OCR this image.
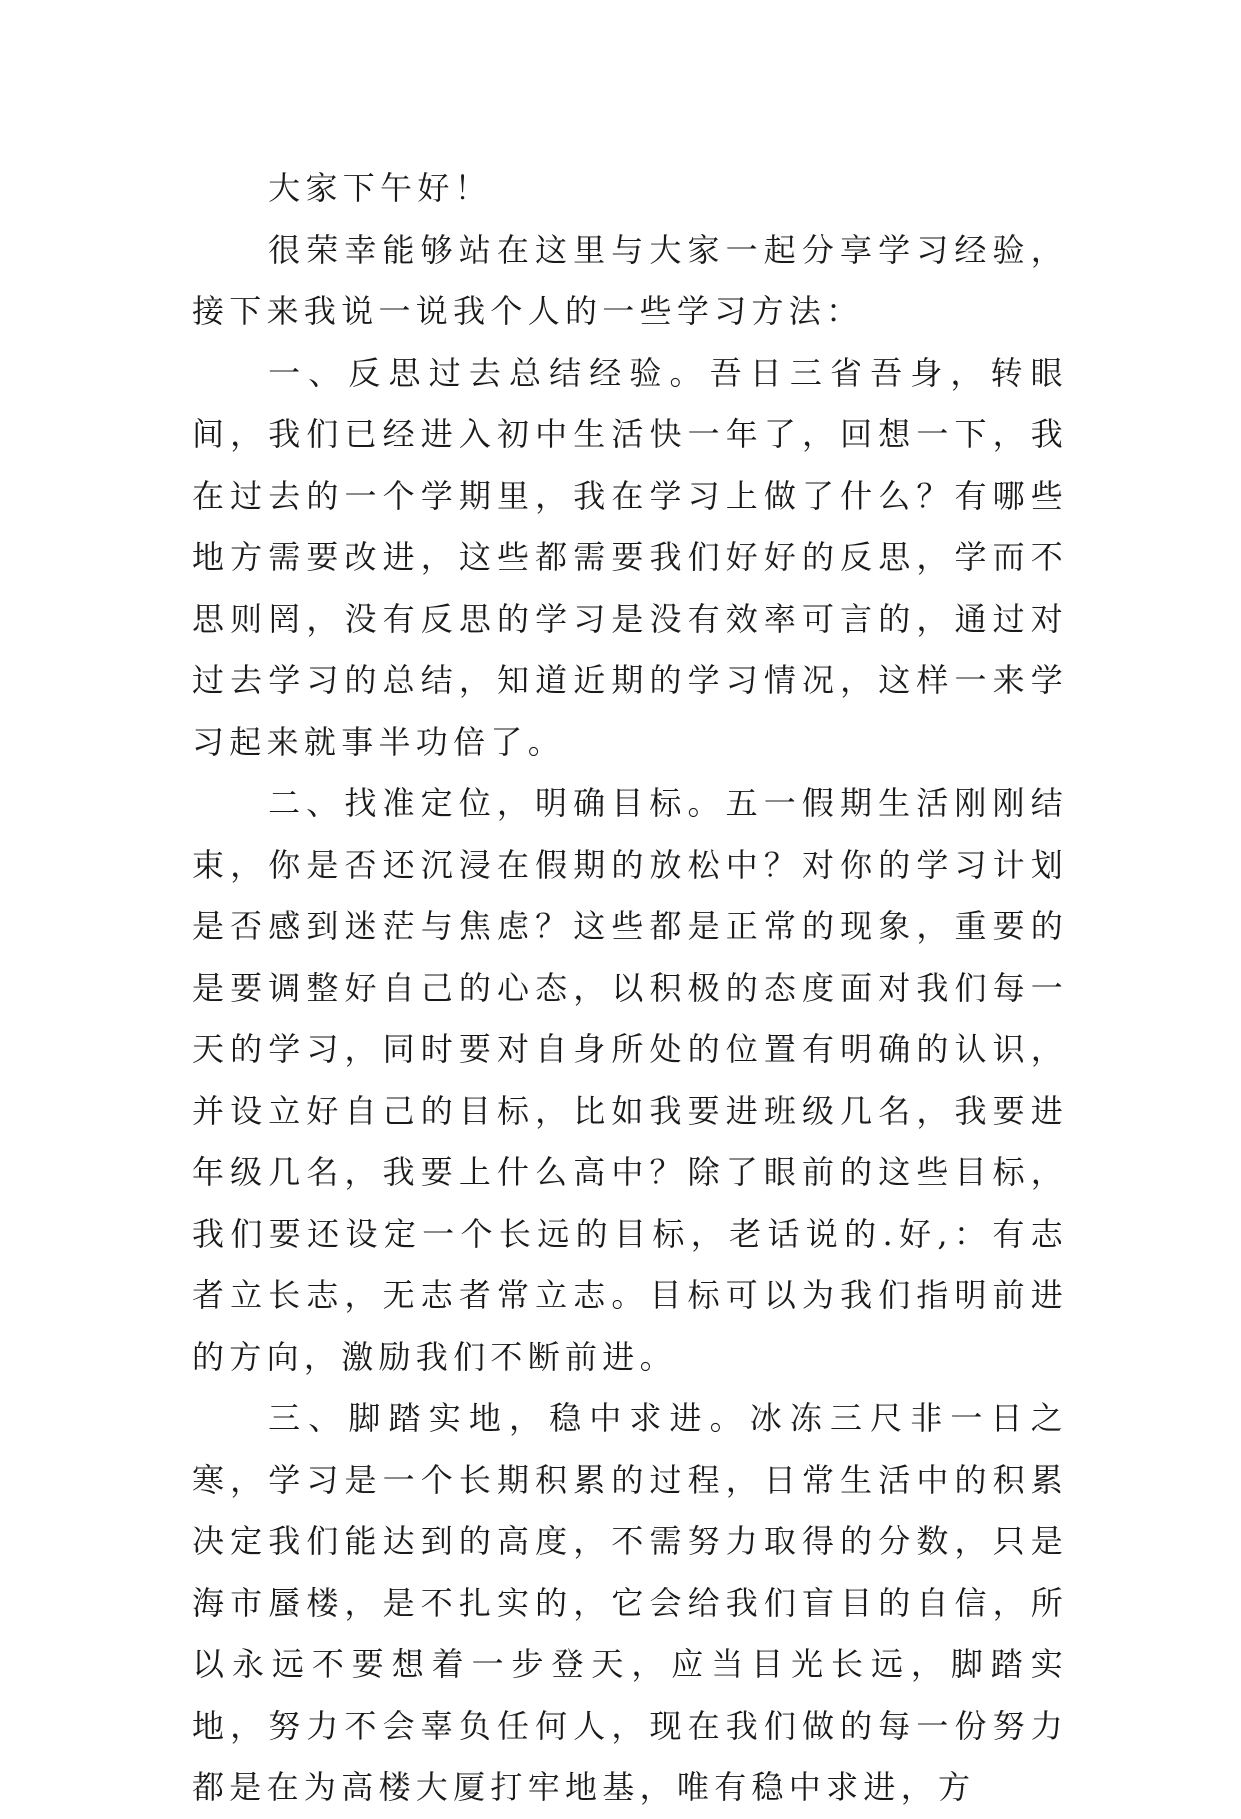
大家下午好！

很荣幸能够站在这里与大家一起分享学习经验，接下来我说一说我个人的一些学习方法：

一、反思过去总结经验。吾日三省吾身，转眼间，我们已经进入初中生活快一年了，回想一下，我在过去的一个学期里，我在学习上做了什么？有哪些地方需要改进，这些都需要我们好好的反思，学而不思则罔，没有反思的学习是没有效率可言的，通过对过去学习的总结，知道近期的学习情况，这样一来学习起来就事半功倍了。

二、找准定位，明确目标。五一假期生活刚刚结束，你是否还沉浸在假期的放松中？对你的学习计划是否感到迷茫与焦虑？这些都是正常的现象，重要的是要调整好自己的心态，以积极的态度面对我们每一天的学习，同时要对自身所处的位置有明确的认识，并设立好自己的目标，比如我要进班级几名，我要进年级几名，我要上什么高中？除了眼前的这些目标，我们要还设定一个长远的目标，老话说的.好,：有志者立长志，无志者常立志。目标可以为我们指明前进的方向，激励我们不断前进。

三、脚踏实地，稳中求进。冰冻三尺非一日之寒，学习是一个长期积累的过程，日常生活中的积累决定我们能达到的高度，不需努力取得的分数，只是海市蜃楼，是不扎实的，它会给我们盲目的自信，所以永远不要想着一步登天，应当目光长远，脚踏实地，努力不会辜负任何人，现在我们做的每一份努力都是在为高楼大厦打牢地基，唯有稳中求进，方
